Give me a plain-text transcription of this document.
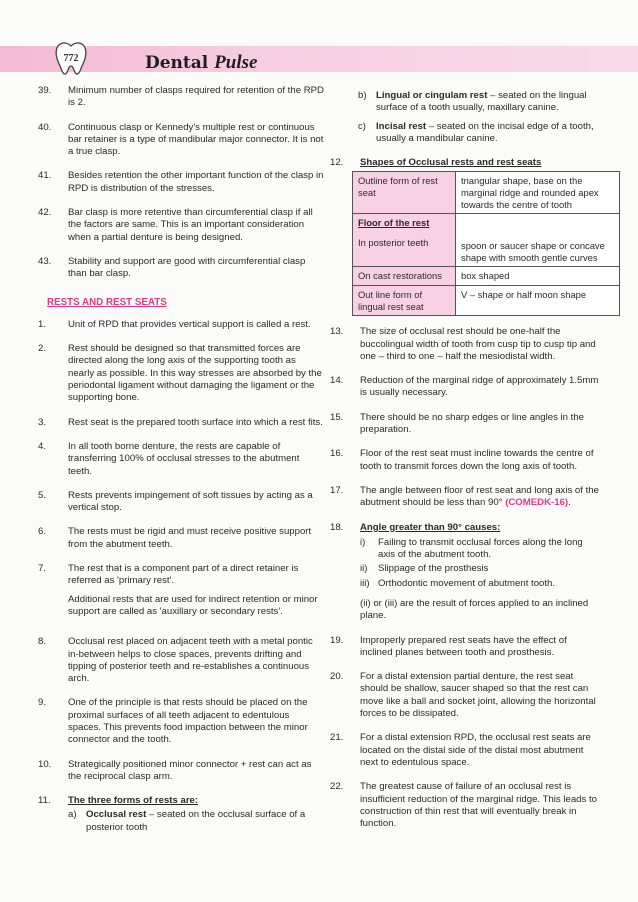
772	Dental Pulse
39.	Minimum number of clasps required for retention of the RPD is 2.
40.	Continuous clasp or Kennedy's multiple rest or continuous bar retainer is a type of mandibular major connector. It is not a true clasp.
41.	Besides retention the other important function of the clasp in RPD is distribution of the stresses.
42.	Bar clasp is more retentive than circumferential clasp if all the factors are same. This is an important consideration when a partial denture is being designed.
43.	Stability and support are good with circumferential clasp than bar clasp.
RESTS AND REST SEATS
1.	Unit of RPD that provides vertical support is called a rest.
2.	Rest should be designed so that transmitted forces are directed along the long axis of the supporting tooth as nearly as possible. In this way stresses are absorbed by the periodontal ligament without damaging the ligament or the supporting bone.
3.	Rest seat is the prepared tooth surface into which a rest fits.
4.	In all tooth borne denture, the rests are capable of transferring 100% of occlusal stresses to the abutment teeth.
5.	Rests prevents impingement of soft tissues by acting as a vertical stop.
6.	The rests must be rigid and must receive positive support from the abutment teeth.
7.	The rest that is a component part of a direct retainer is referred as 'primary rest'.

Additional rests that are used for indirect retention or minor support are called as 'auxillary or secondary rests'.

8.	Occlusal rest placed on adjacent teeth with a metal pontic in-between helps to close spaces, prevents drifting and tipping of posterior teeth and re-establishes a continuous arch.
9.	One of the principle is that rests should be placed on the proximal surfaces of all teeth adjacent to edentulous spaces. This prevents food impaction between the minor connector and the tooth.
10.	Strategically positioned minor connector + rest can act as the reciprocal clasp arm.
11.	The three forms of rests are:
a) Occlusal rest – seated on the occlusal surface of a posterior tooth
b) Lingual or cingulam rest – seated on the lingual surface of a tooth usually, maxillary canine.
c)	Incisal rest – seated on the incisal edge of a tooth, usually a mandibular canine.
12.	Shapes of Occlusal rests and rest seats
Outline form of rest seat	triangular shape, base on the marginal ridge and rounded apex towards the centre of tooth

Floor of the rest
In posterior teeth	spoon or saucer shape or concave shape with smooth gentle curves
On cast restorations	box shaped
Out line form of lingual rest seat	V – shape or half moon shape
13.	The size of occlusal rest should be one-half the buccolingual width of tooth from cusp tip to cusp tip and one – third to one – half the mesiodistal width.
14.	Reduction of the marginal ridge of approximately 1.5mm is usually necessary.
15.	There should be no sharp edges or line angles in the preparation.
16.	Floor of the rest seat must incline towards the centre of tooth to transmit forces down the long axis of tooth.
17.	The angle between floor of rest seat and long axis of the abutment should be less than 90° (COMEDK-16).
18.	Angle greater than 90° causes:
i)	Failing to transmit occlusal forces along the long axis of the abutment tooth.
ii)	Slippage of the prosthesis
iii) Orthodontic movement of abutment tooth.

(ii) or (iii) are the result of forces applied to an inclined plane.

19.	Improperly prepared rest seats have the effect of inclined planes between tooth and prosthesis.
20.	For a distal extension partial denture, the rest seat should be shallow, saucer shaped so that the rest can move like a ball and socket joint, allowing the horizontal forces to be dissipated.
21.	For a distal extension RPD, the occlusal rest seats are located on the distal side of the distal most abutment next to edentulous space.
22.	The greatest cause of failure of an occlusal rest is insufficient reduction of the marginal ridge. This leads to construction of thin rest that will eventually break in function.
